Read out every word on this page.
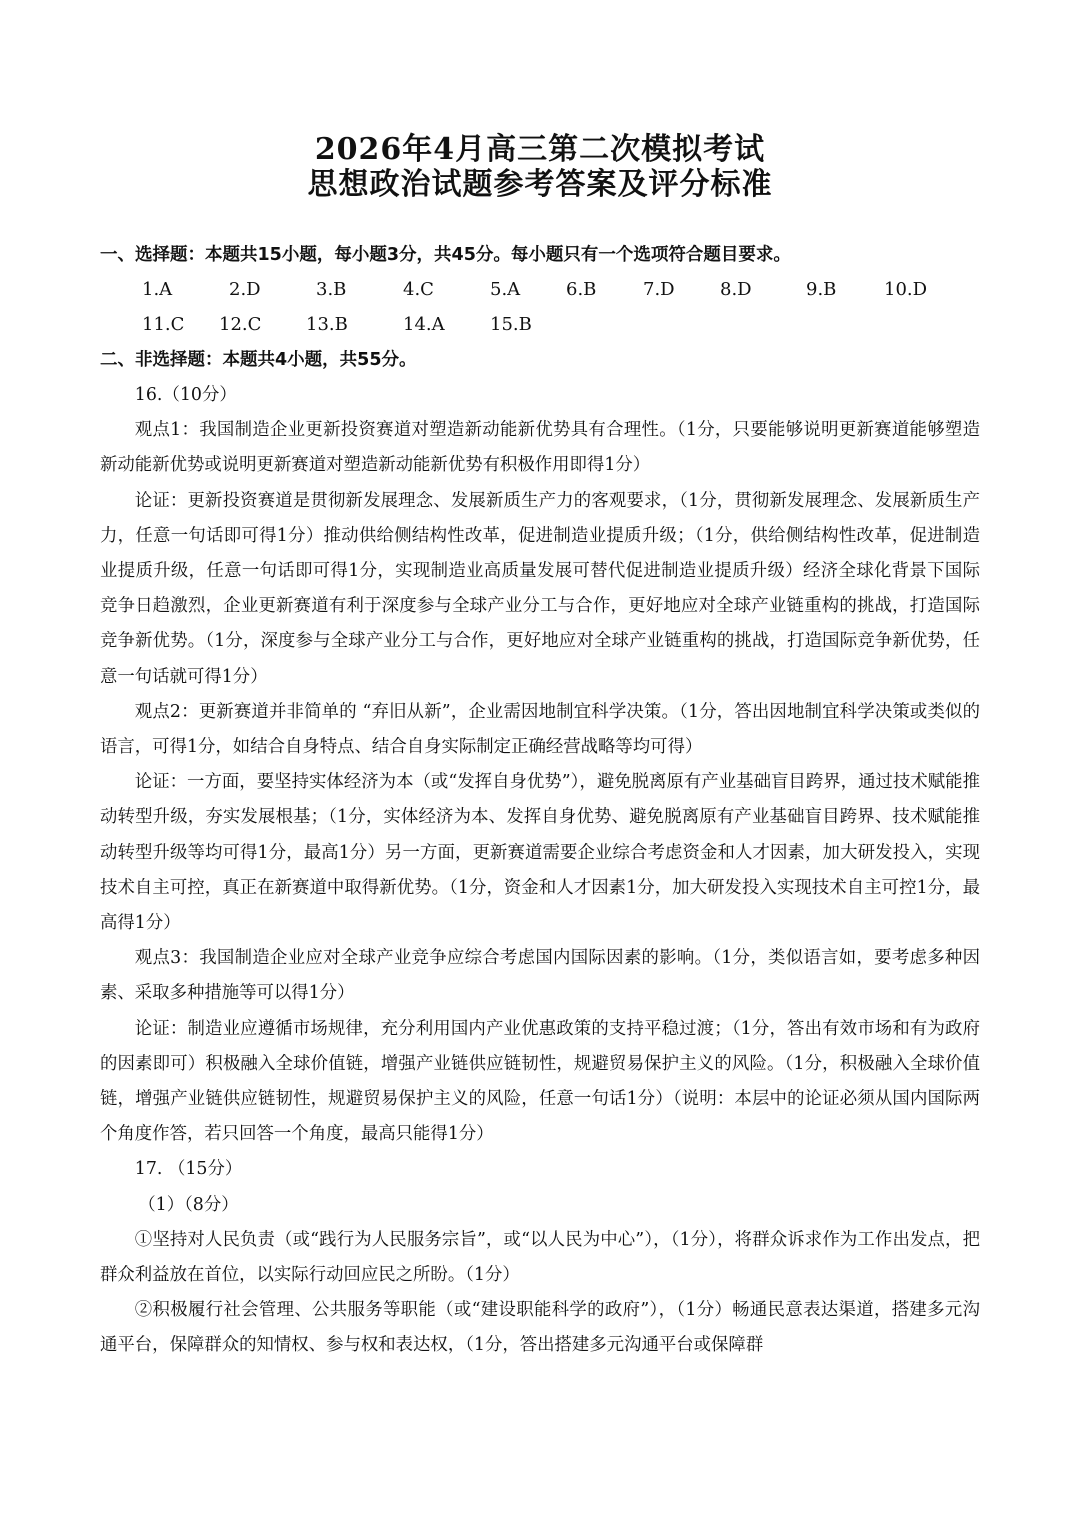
2026年4月高三第二次模拟考试
思想政治试题参考答案及评分标准
一、选择题：本题共15小题，每小题3分，共45分。每小题只有一个选项符合题目要求。
1.A	2.D	3.B	4.C	5.A	6.B	7.D	8.D	9.B	10.D
11.C 12.C 13.B	14.A	15.B
二、非选择题：本题共4小题，共55分。

16.（10分）

观点1：我国制造企业更新投资赛道对塑造新动能新优势具有合理性。（1分，只要能够说明更新赛道能够塑造新动能新优势或说明更新赛道对塑造新动能新优势有积极作用即得1分）

论证：更新投资赛道是贯彻新发展理念、发展新质生产力的客观要求，（1分，贯彻新发展理念、发展新质生产力，任意一句话即可得1分）推动供给侧结构性改革，促进制造业提质升级；（1分，供给侧结构性改革，促进制造业提质升级，任意一句话即可得1分，实现制造业高质量发展可替代促进制造业提质升级）经济全球化背景下国际竞争日趋激烈，企业更新赛道有利于深度参与全球产业分工与合作，更好地应对全球产业链重构的挑战，打造国际竞争新优势。（1分，深度参与全球产业分工与合作，更好地应对全球产业链重构的挑战，打造国际竞争新优势，任意一句话就可得1分）

观点2：更新赛道并非简单的 “弃旧从新”，企业需因地制宜科学决策。（1分，答出因地制宜科学决策或类似的语言，可得1分，如结合自身特点、结合自身实际制定正确经营战略等均可得）

论证：一方面，要坚持实体经济为本（或“发挥自身优势”），避免脱离原有产业基础盲目跨界，通过技术赋能推动转型升级，夯实发展根基；（1分，实体经济为本、发挥自身优势、避免脱离原有产业基础盲目跨界、技术赋能推动转型升级等均可得1分，最高1分）另一方面，更新赛道需要企业综合考虑资金和人才因素，加大研发投入，实现技术自主可控，真正在新赛道中取得新优势。（1分，资金和人才因素1分，加大研发投入实现技术自主可控1分，最高得1分）

观点3：我国制造企业应对全球产业竞争应综合考虑国内国际因素的影响。（1分，类似语言如，要考虑多种因素、采取多种措施等可以得1分）

论证：制造业应遵循市场规律，充分利用国内产业优惠政策的支持平稳过渡；（1分，答出有效市场和有为政府的因素即可）积极融入全球价值链，增强产业链供应链韧性，规避贸易保护主义的风险。（1分，积极融入全球价值链，增强产业链供应链韧性，规避贸易保护主义的风险，任意一句话1分）（说明：本层中的论证必须从国内国际两个角度作答，若只回答一个角度，最高只能得1分）

17. （15分）

（1）（8分）

①坚持对人民负责（或“践行为人民服务宗旨”，或“以人民为中心”），（1分），将群众诉求作为工作出发点，把群众利益放在首位，以实际行动回应民之所盼。（1分）

②积极履行社会管理、公共服务等职能（或“建设职能科学的政府”），（1分）畅通民意表达渠道，搭建多元沟通平台，保障群众的知情权、参与权和表达权，（1分，答出搭建多元沟通平台或保障群
